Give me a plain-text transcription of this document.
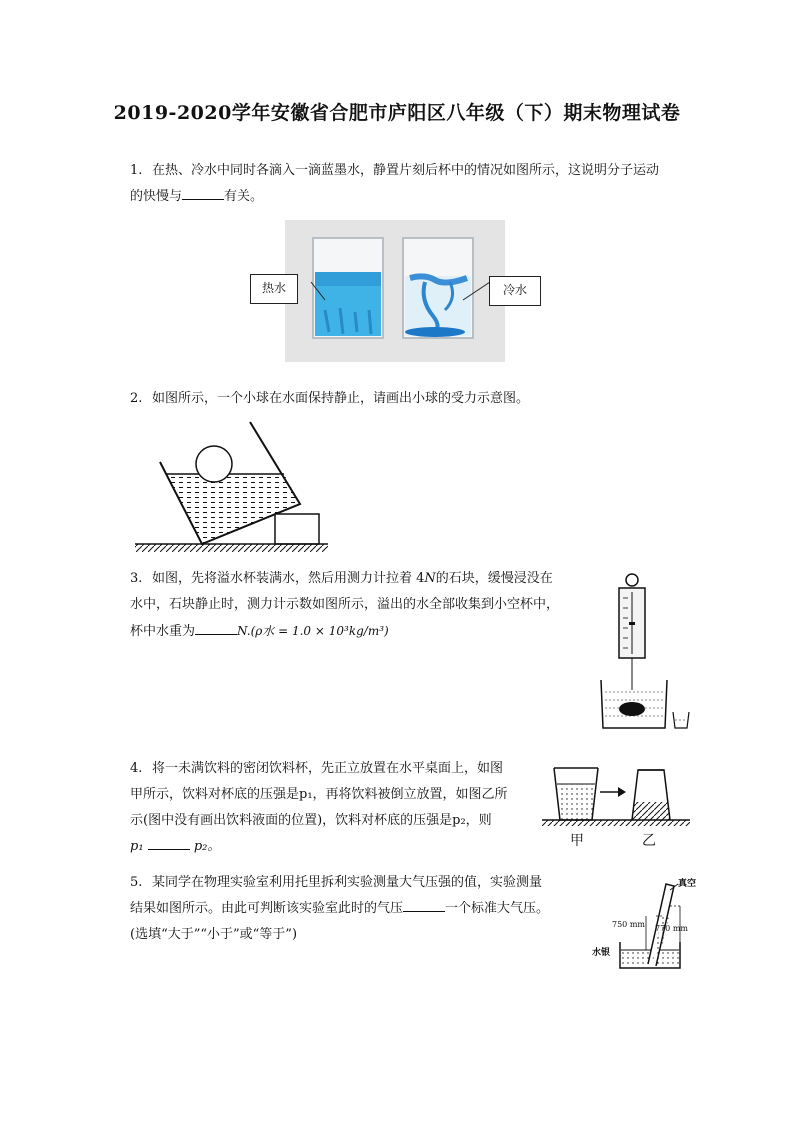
2019-2020学年安徽省合肥市庐阳区八年级（下）期末物理试卷
1. 在热、冷水中同时各滴入一滴蓝墨水，静置片刻后杯中的情况如图所示，这说明分子运动
的快慢与	有关。
热水	冷水
2. 如图所示，一个小球在水面保持静止，请画出小球的受力示意图。
3. 如图，先将溢水杯装满水，然后用测力计拉着 4N的石块，缓慢浸没在
水中，石块静止时，测力计示数如图所示，溢出的水全部收集到小空杯中，
杯中水重为	N.(ρ水 = 1.0 × 10³kg/m³)
4. 将一未满饮料的密闭饮料杯，先正立放置在水平桌面上，如图
甲所示，饮料对杯底的压强是p₁，再将饮料被倒立放置，如图乙所
示(图中没有画出饮料液面的位置)，饮料对杯底的压强是p₂，则
p₁	p₂。	甲	乙
5. 某同学在物理实验室利用托里拆利实验测量大气压强的值，实验测量
结果如图所示。由此可判断该实验室此时的气压	一个标准大气压。
(选填“大于”“小于”或“等于”)
真空
750 mm 770 mm
水银
